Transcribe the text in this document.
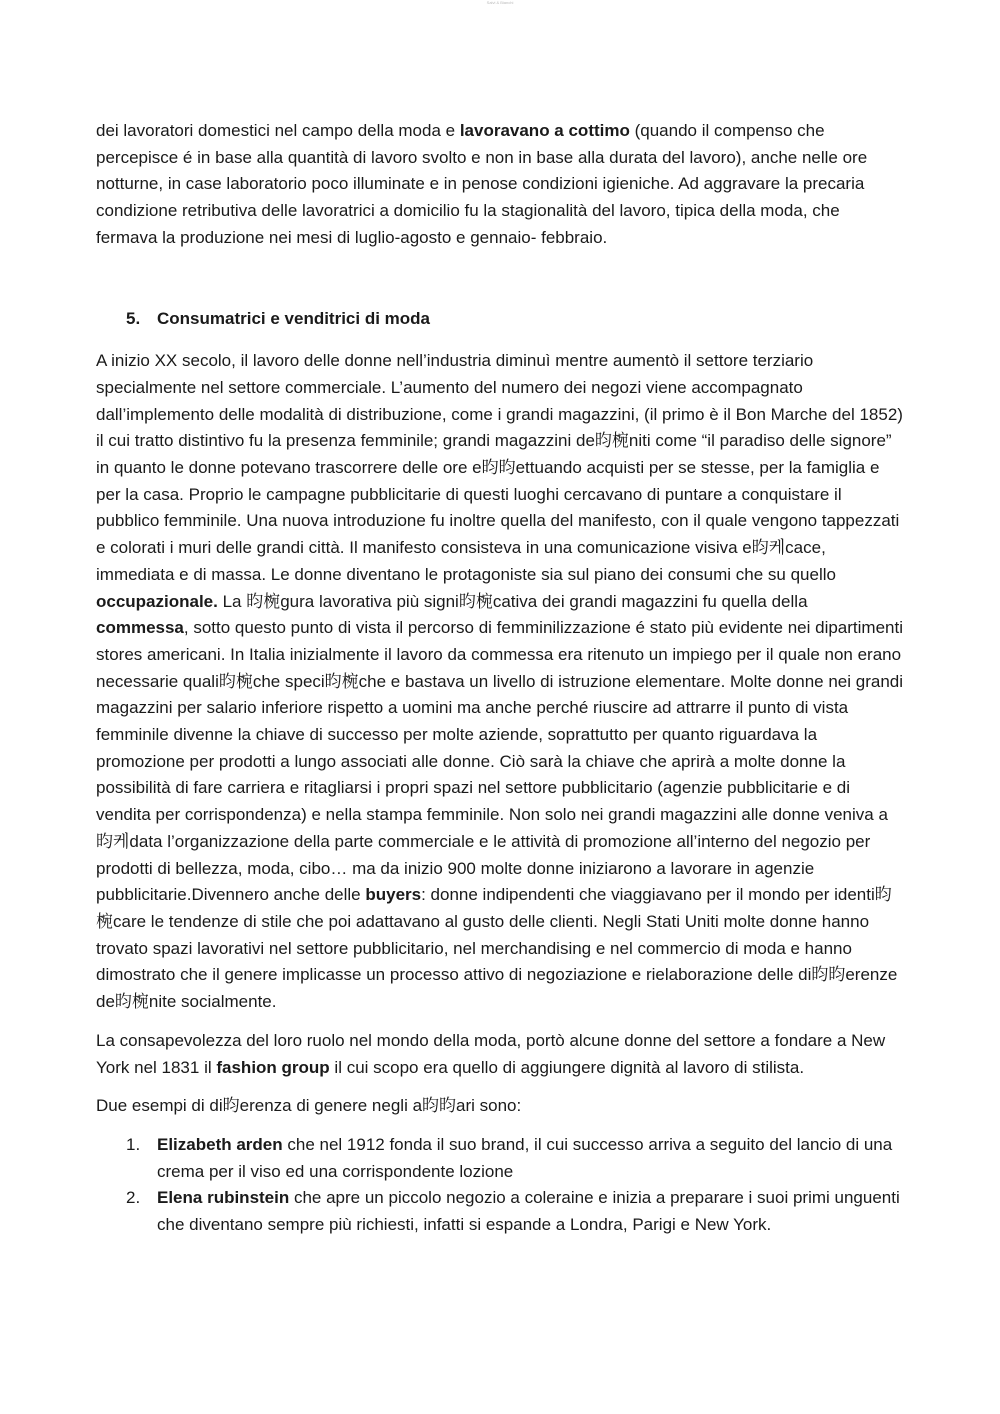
Salvi & Bianchi

dei lavoratori domestici nel campo della moda e lavoravano a cottimo (quando il compenso che percepisce é in base alla quantità di lavoro svolto e non in base alla durata del lavoro), anche nelle ore notturne, in case laboratorio poco illuminate e in penose condizioni igieniche. Ad aggravare la precaria condizione retributiva delle lavoratrici a domicilio fu la stagionalità del lavoro, tipica della moda, che fermava la produzione nei mesi di luglio-agosto e gennaio- febbraio.

5. Consumatrici e venditrici di moda

A inizio XX secolo, il lavoro delle donne nell’industria diminuì mentre aumentò il settore terziario specialmente nel settore commerciale. L’aumento del numero dei negozi viene accompagnato dall’implemento delle modalità di distribuzione, come i grandi magazzini, (il primo è il Bon Marche del 1852) il cui tratto distintivo fu la presenza femminile; grandi magazzini de昀椀niti come “il paradiso delle signore” in quanto le donne potevano trascorrere delle ore e昀昀ettuando acquisti per se stesse, per la famiglia e per la casa. Proprio le campagne pubblicitarie di questi luoghi cercavano di puntare a conquistare il pubblico femminile. Una nuova introduzione fu inoltre quella del manifesto, con il quale vengono tappezzati e colorati i muri delle grandi città. Il manifesto consisteva in una comunicazione visiva e昀케cace, immediata e di massa. Le donne diventano le protagoniste sia sul piano dei consumi che su quello occupazionale. La 昀椀gura lavorativa più signi昀椀cativa dei grandi magazzini fu quella della commessa, sotto questo punto di vista il percorso di femminilizzazione é stato più evidente nei dipartimenti stores americani. In Italia inizialmente il lavoro da commessa era ritenuto un impiego per il quale non erano necessarie quali昀椀che speci昀椀che e bastava un livello di istruzione elementare. Molte donne nei grandi magazzini per salario inferiore rispetto a uomini ma anche perché riuscire ad attrarre il punto di vista femminile divenne la chiave di successo per molte aziende, soprattutto per quanto riguardava la promozione per prodotti a lungo associati alle donne. Ciò sarà la chiave che aprirà a molte donne la possibilità di fare carriera e ritagliarsi i propri spazi nel settore pubblicitario (agenzie pubblicitarie e di vendita per corrispondenza) e nella stampa femminile. Non solo nei grandi magazzini alle donne veniva a昀케data l’organizzazione della parte commerciale e le attività di promozione all’interno del negozio per prodotti di bellezza, moda, cibo… ma da inizio 900 molte donne iniziarono a lavorare in agenzie pubblicitarie.Divennero anche delle buyers: donne indipendenti che viaggiavano per il mondo per identi昀椀care le tendenze di stile che poi adattavano al gusto delle clienti. Negli Stati Uniti molte donne hanno trovato spazi lavorativi nel settore pubblicitario, nel merchandising e nel commercio di moda e hanno dimostrato che il genere implicasse un processo attivo di negoziazione e rielaborazione delle di昀昀erenze de昀椀nite socialmente.

La consapevolezza del loro ruolo nel mondo della moda, portò alcune donne del settore a fondare a New York nel 1831 il fashion group il cui scopo era quello di aggiungere dignità al lavoro di stilista.

Due esempi di di昀erenza di genere negli a昀昀ari sono:

1. Elizabeth arden che nel 1912 fonda il suo brand, il cui successo arriva a seguito del lancio di una crema per il viso ed una corrispondente lozione
2. Elena rubinstein che apre un piccolo negozio a coleraine e inizia a preparare i suoi primi unguenti che diventano sempre più richiesti, infatti si espande a Londra, Parigi e New York.
